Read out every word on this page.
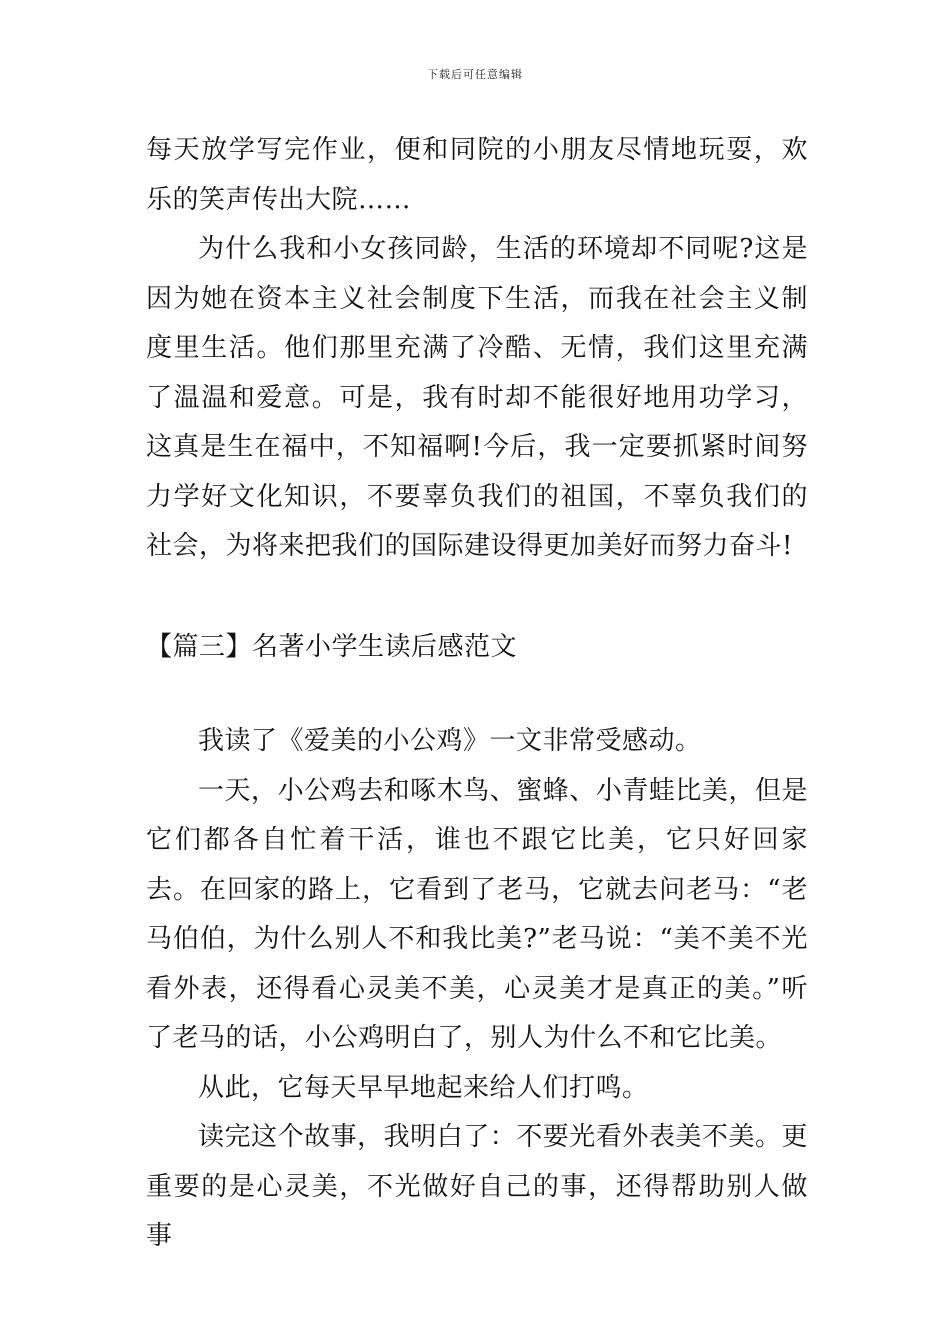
下载后可任意编辑

每天放学写完作业，便和同院的小朋友尽情地玩耍，欢乐的笑声传出大院……

为什么我和小女孩同龄，生活的环境却不同呢?这是因为她在资本主义社会制度下生活，而我在社会主义制度里生活。他们那里充满了冷酷、无情，我们这里充满了温温和爱意。可是，我有时却不能很好地用功学习，这真是生在福中，不知福啊!今后，我一定要抓紧时间努力学好文化知识，不要辜负我们的祖国，不辜负我们的社会，为将来把我们的国际建设得更加美好而努力奋斗!

【篇三】名著小学生读后感范文

我读了《爱美的小公鸡》一文非常受感动。

一天，小公鸡去和啄木鸟、蜜蜂、小青蛙比美，但是它们都各自忙着干活，谁也不跟它比美，它只好回家去。在回家的路上，它看到了老马，它就去问老马：“老马伯伯，为什么别人不和我比美?”老马说：“美不美不光看外表，还得看心灵美不美，心灵美才是真正的美。”听了老马的话，小公鸡明白了，别人为什么不和它比美。

从此，它每天早早地起来给人们打鸣。

读完这个故事，我明白了：不要光看外表美不美。更重要的是心灵美，不光做好自己的事，还得帮助别人做事
